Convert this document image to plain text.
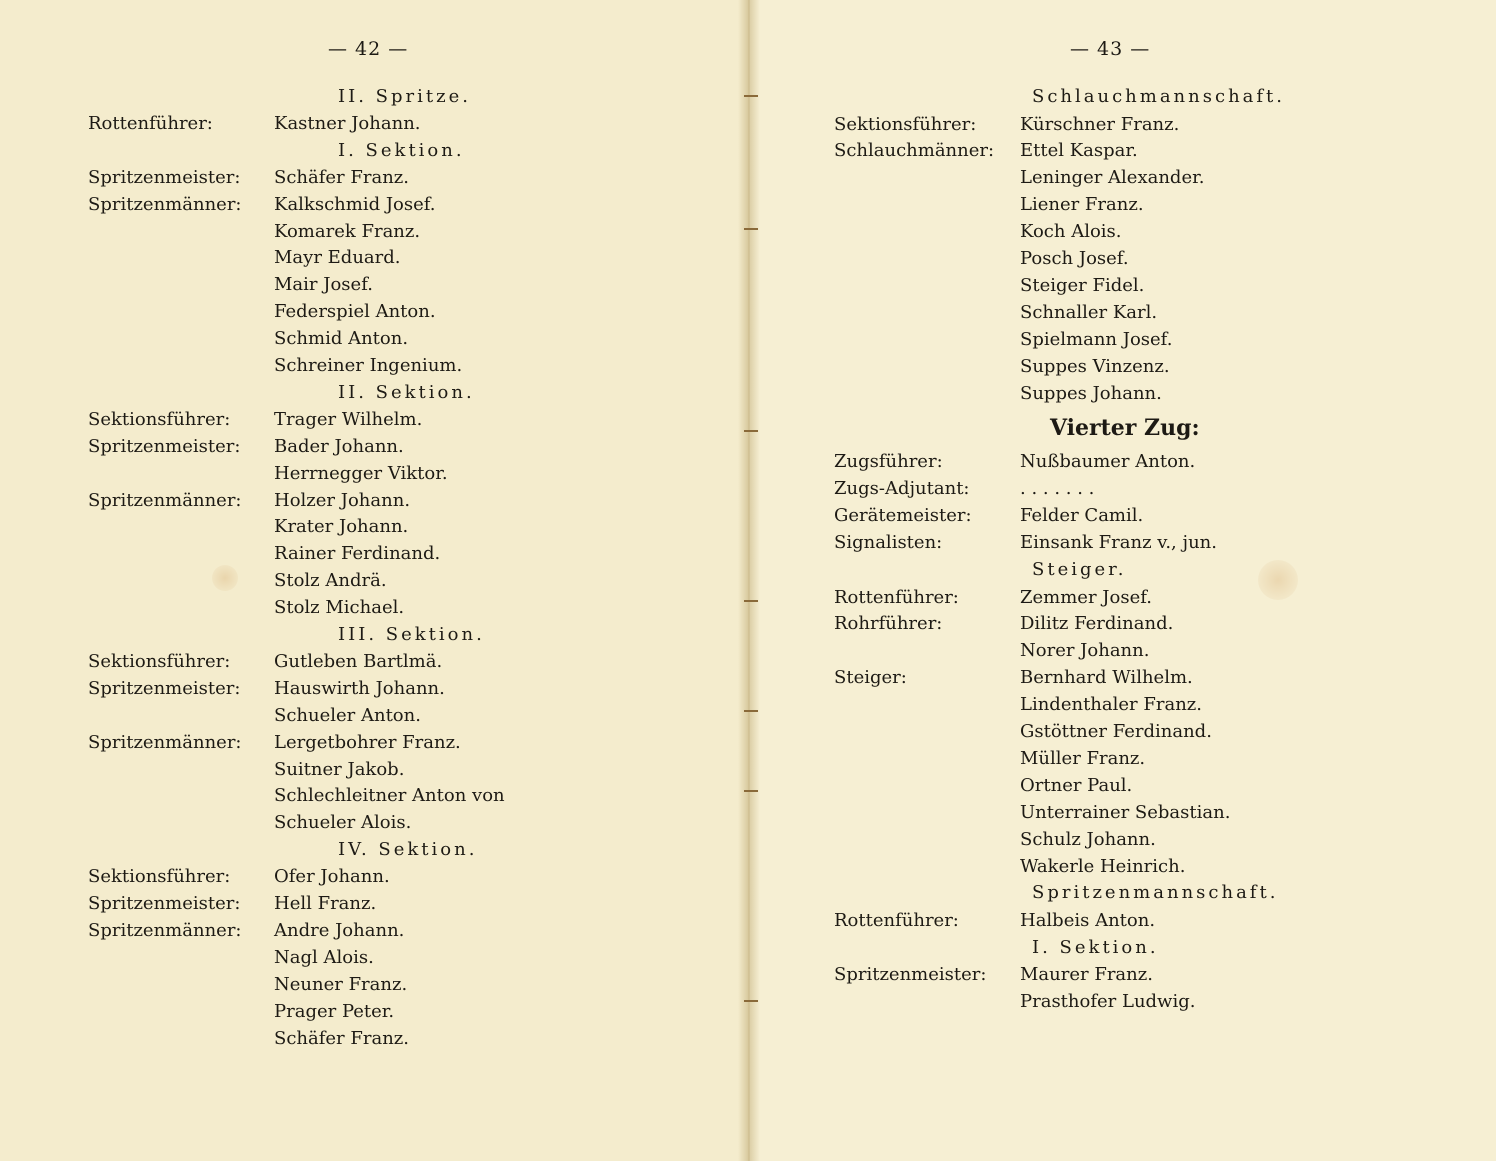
— 42 —
II. Spritze.
Rottenführer:	Kastner Johann.
I. Sektion.
Spritzenmeister: Schäfer Franz.
Spritzenmänner: Kalkschmid Josef.
Komarek Franz.
Mayr Eduard.
Mair Josef.
Federspiel Anton.
Schmid Anton.
Schreiner Ingenium.
II. Sektion.
Sektionsführer: Trager Wilhelm.
Spritzenmeister: Bader Johann.
Herrnegger Viktor.
Spritzenmänner: Holzer Johann.
Krater Johann.
Rainer Ferdinand.
Stolz Andrä.
Stolz Michael.
III. Sektion.
Sektionsführer: Gutleben Bartlmä.
Spritzenmeister: Hauswirth Johann.
Schueler Anton.
Spritzenmänner: Lergetbohrer Franz.
Suitner Jakob.
Schlechleitner Anton von
Schueler Alois.
IV. Sektion.
Sektionsführer: Ofer Johann.
Spritzenmeister: Hell Franz.
Spritzenmänner: Andre Johann.
Nagl Alois.
Neuner Franz.
Prager Peter.
Schäfer Franz.
— 43 —
Schlauchmannschaft.
Sektionsführer: Kürschner Franz.
Schlauchmänner: Ettel Kaspar.
Leninger Alexander.
Liener Franz.
Koch Alois.
Posch Josef.
Steiger Fidel.
Schnaller Karl.
Spielmann Josef.
Suppes Vinzenz.
Suppes Johann.
Vierter Zug:
Zugsführer:	Nußbaumer Anton.
Zugs-Adjutant:	. . . . . . .
Gerätemeister:	Felder Camil.
Signalisten:	Einsank Franz v., jun.
Steiger.
Rottenführer:	Zemmer Josef.
Rohrführer:	Dilitz Ferdinand.
Norer Johann.
Steiger:	Bernhard Wilhelm.
Lindenthaler Franz.
Gstöttner Ferdinand.
Müller Franz.
Ortner Paul.
Unterrainer Sebastian.
Schulz Johann.
Wakerle Heinrich.
Spritzenmannschaft.
Rottenführer:	Halbeis Anton.
I. Sektion.
Spritzenmeister: Maurer Franz.
Prasthofer Ludwig.
